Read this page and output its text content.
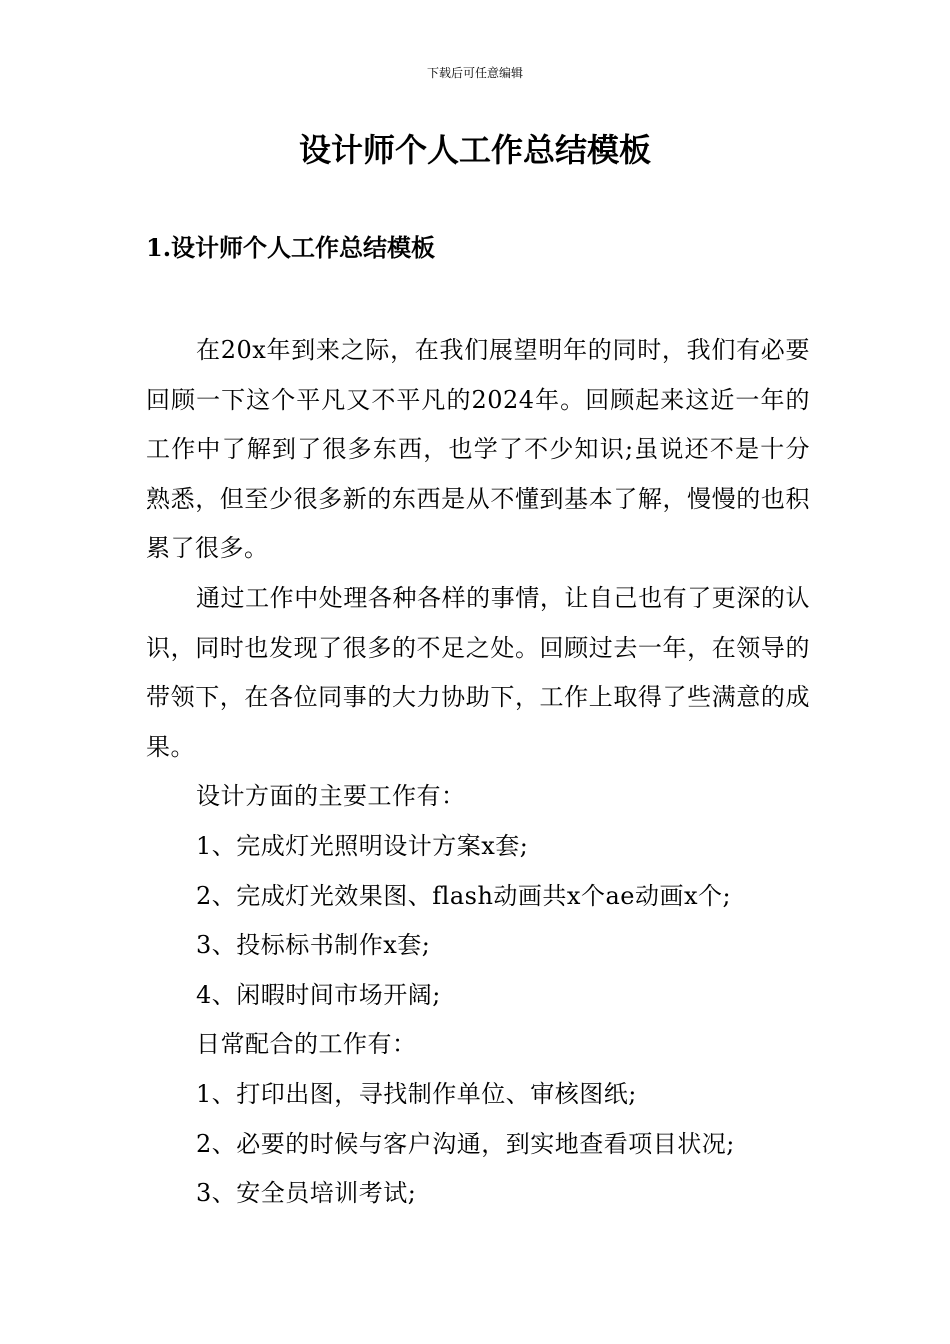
下载后可任意编辑
设计师个人工作总结模板
1.设计师个人工作总结模板

在20x年到来之际，在我们展望明年的同时，我们有必要回顾一下这个平凡又不平凡的2024年。回顾起来这近一年的工作中了解到了很多东西，也学了不少知识;虽说还不是十分熟悉，但至少很多新的东西是从不懂到基本了解，慢慢的也积累了很多。

通过工作中处理各种各样的事情，让自己也有了更深的认识，同时也发现了很多的不足之处。回顾过去一年，在领导的带领下，在各位同事的大力协助下，工作上取得了些满意的成果。

设计方面的主要工作有：

1、完成灯光照明设计方案x套;

2、完成灯光效果图、flash动画共x个ae动画x个;

3、投标标书制作x套;

4、闲暇时间市场开阔;

日常配合的工作有：

1、打印出图，寻找制作单位、审核图纸;

2、必要的时候与客户沟通，到实地查看项目状况;

3、安全员培训考试;
